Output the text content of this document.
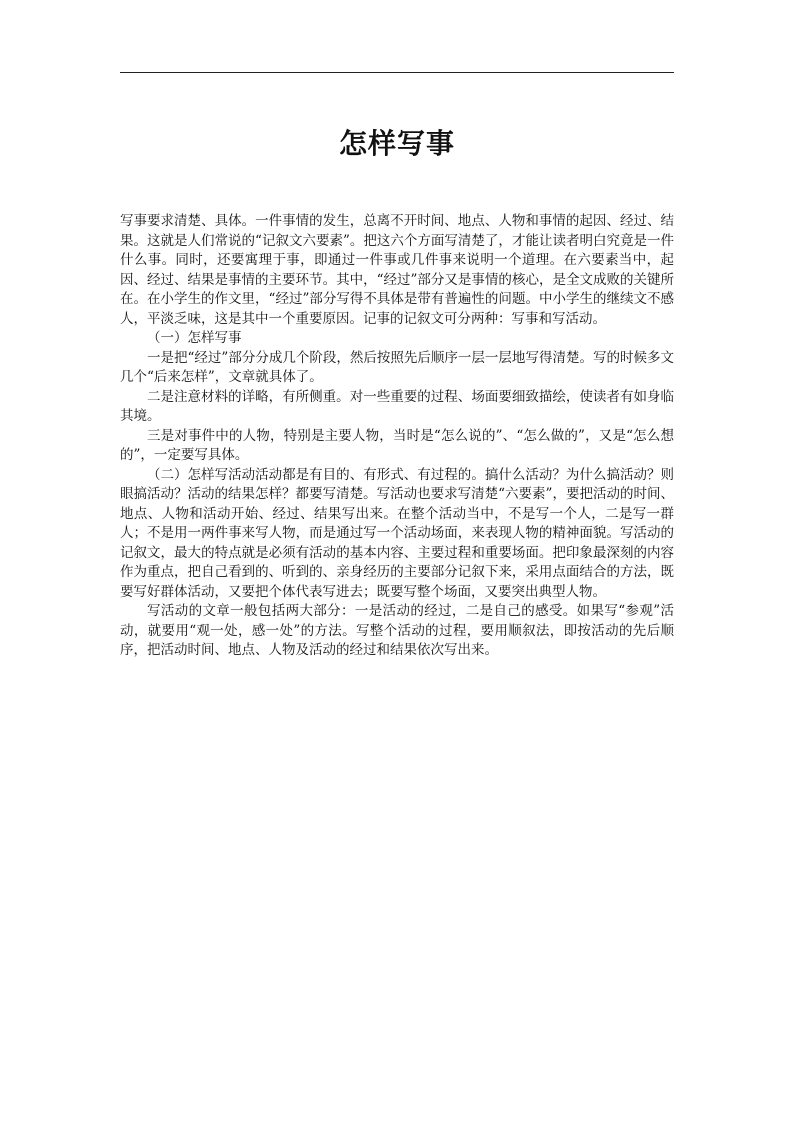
怎样写事

写事要求清楚、具体。一件事情的发生，总离不开时间、地点、人物和事情的起因、经过、结果。这就是人们常说的“记叙文六要素”。把这六个方面写清楚了，才能让读者明白究竟是一件什么事。同时，还要寓理于事，即通过一件事或几件事来说明一个道理。在六要素当中，起因、经过、结果是事情的主要环节。其中，“经过”部分又是事情的核心，是全文成败的关键所在。在小学生的作文里，“经过”部分写得不具体是带有普遍性的问题。中小学生的继续文不感人，平淡乏味，这是其中一个重要原因。记事的记叙文可分两种：写事和写活动。

（一）怎样写事

一是把“经过”部分分成几个阶段，然后按照先后顺序一层一层地写得清楚。写的时候多文几个“后来怎样”，文章就具体了。

二是注意材料的详略，有所侧重。对一些重要的过程、场面要细致描绘，使读者有如身临其境。

三是对事件中的人物，特别是主要人物，当时是“怎么说的”、“怎么做的”，又是“怎么想的”，一定要写具体。

（二）怎样写活动活动都是有目的、有形式、有过程的。搞什么活动？为什么搞活动？则眼搞活动？活动的结果怎样？都要写清楚。写活动也要求写清楚“六要素”，要把活动的时间、地点、人物和活动开始、经过、结果写出来。在整个活动当中，不是写一个人，二是写一群人；不是用一两件事来写人物，而是通过写一个活动场面，来表现人物的精神面貌。写活动的记叙文，最大的特点就是必须有活动的基本内容、主要过程和重要场面。把印象最深刻的内容作为重点，把自己看到的、听到的、亲身经历的主要部分记叙下来，采用点面结合的方法，既要写好群体活动，又要把个体代表写进去；既要写整个场面，又要突出典型人物。

写活动的文章一般包括两大部分：一是活动的经过，二是自己的感受。如果写“参观”活动，就要用“观一处，感一处”的方法。写整个活动的过程，要用顺叙法，即按活动的先后顺序，把活动时间、地点、人物及活动的经过和结果依次写出来。
